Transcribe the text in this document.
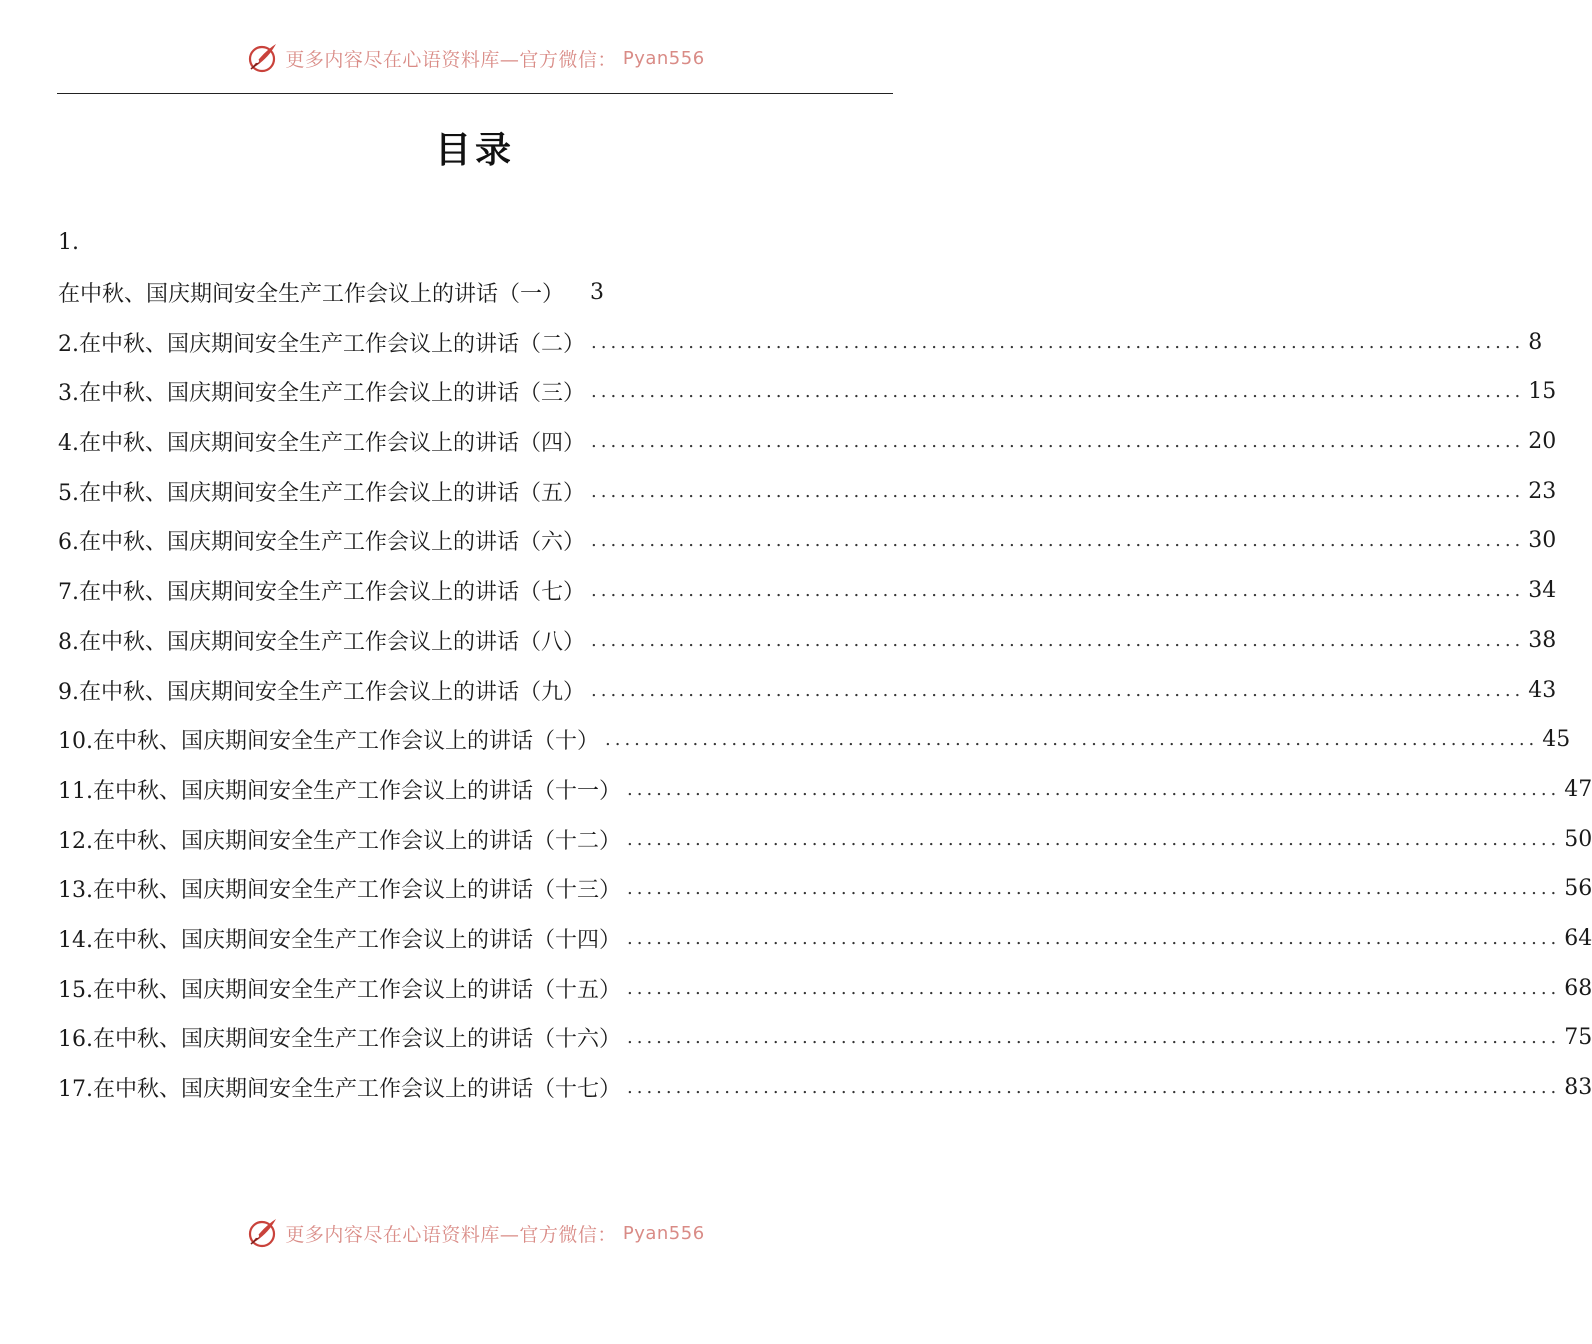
更多内容尽在心语资料库—官方微信： Pyan556
目录
1.
在中秋、国庆期间安全生产工作会议上的讲话（一） 3
2.在中秋、国庆期间安全生产工作会议上的讲话（二） ................................................................................................ 8
3.在中秋、国庆期间安全生产工作会议上的讲话（三） ................................................................................................ 15
4.在中秋、国庆期间安全生产工作会议上的讲话（四） ................................................................................................ 20
5.在中秋、国庆期间安全生产工作会议上的讲话（五） ................................................................................................ 23
6.在中秋、国庆期间安全生产工作会议上的讲话（六） ................................................................................................ 30
7.在中秋、国庆期间安全生产工作会议上的讲话（七） ................................................................................................ 34
8.在中秋、国庆期间安全生产工作会议上的讲话（八） ................................................................................................ 38
9.在中秋、国庆期间安全生产工作会议上的讲话（九） ................................................................................................ 43
10.在中秋、国庆期间安全生产工作会议上的讲话（十） ................................................................................................ 45
11.在中秋、国庆期间安全生产工作会议上的讲话（十一） ................................................................................................ 47
12.在中秋、国庆期间安全生产工作会议上的讲话（十二） ................................................................................................ 50
13.在中秋、国庆期间安全生产工作会议上的讲话（十三） ................................................................................................ 56
14.在中秋、国庆期间安全生产工作会议上的讲话（十四） ................................................................................................ 64
15.在中秋、国庆期间安全生产工作会议上的讲话（十五） ................................................................................................ 68
16.在中秋、国庆期间安全生产工作会议上的讲话（十六） ................................................................................................ 75
17.在中秋、国庆期间安全生产工作会议上的讲话（十七） ................................................................................................ 83
更多内容尽在心语资料库—官方微信： Pyan556
